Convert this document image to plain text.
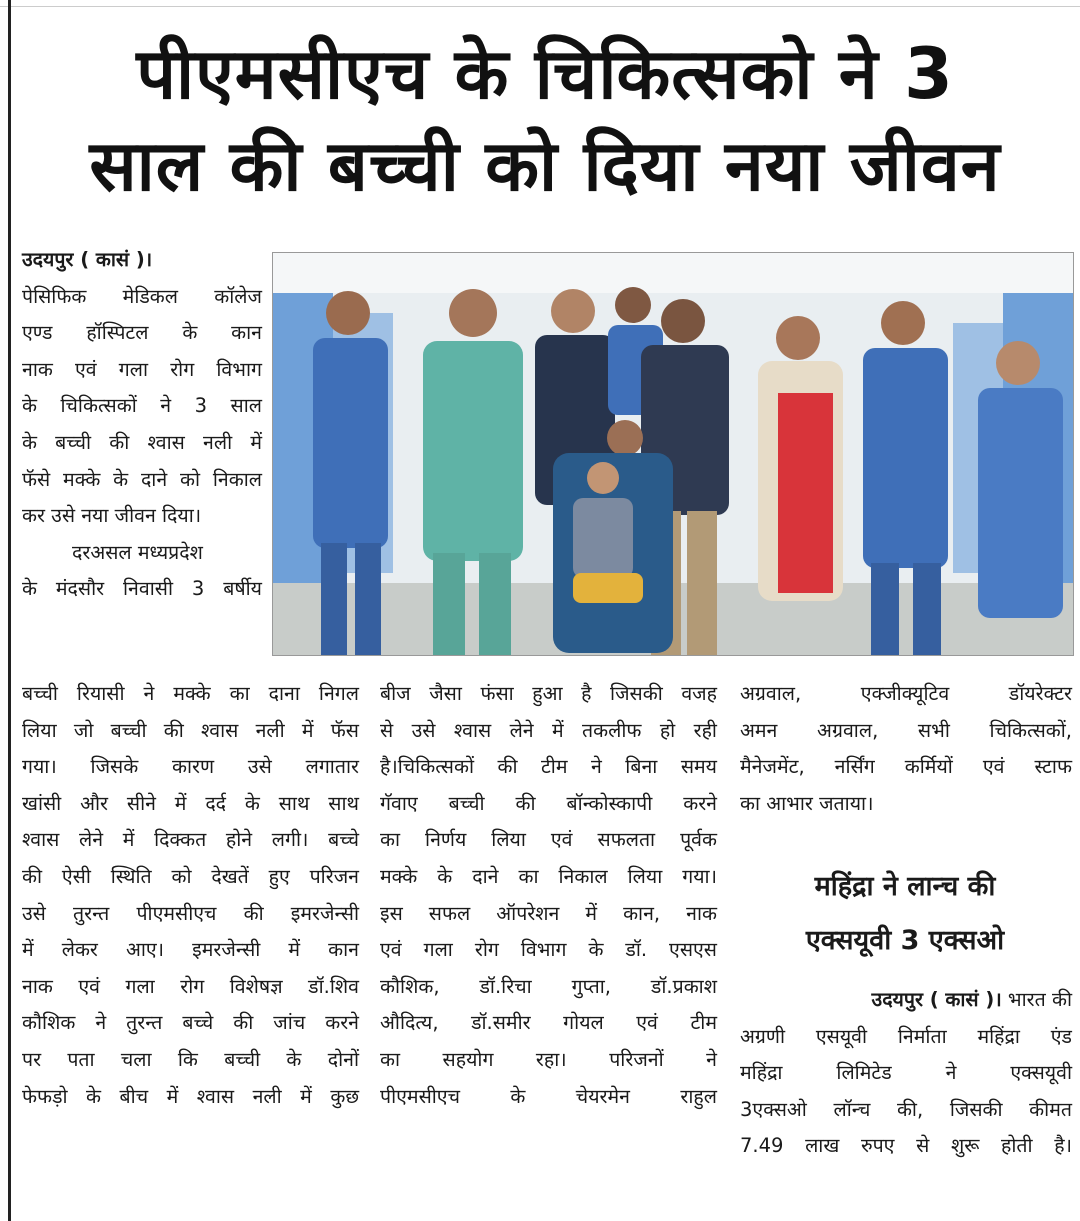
पीएमसीएच के चिकित्सको ने 3
साल की बच्ची को दिया नया जीवन

उदयपुर ( कासं )।

पेसिफिक मेडिकल कॉलेज

एण्ड हॉस्पिटल के कान

नाक एवं गला रोग विभाग

के चिकित्सकों ने 3 साल

के बच्ची की श्वास नली में

फॅसे मक्के के दाने को निकाल

कर उसे नया जीवन दिया।

दरअसल मध्यप्रदेश

के मंदसौर निवासी 3 बर्षीय

बच्ची रियासी ने मक्के का दाना निगल

लिया जो बच्ची की श्वास नली में फॅस

गया। जिसके कारण उसे लगातार

खांसी और सीने में दर्द के साथ साथ

श्वास लेने में दिक्कत होने लगी। बच्चे

की ऐसी स्थिति को देखतें हुए परिजन

उसे तुरन्त पीएमसीएच की इमरजेन्सी

में लेकर आए। इमरजेन्सी में कान

नाक एवं गला रोग विशेषज्ञ डॉ.शिव

कौशिक ने तुरन्त बच्चे की जांच करने

पर पता चला कि बच्ची के दोनों

फेफड़ो के बीच में श्वास नली में कुछ

बीज जैसा फंसा हुआ है जिसकी वजह

से उसे श्वास लेने में तकलीफ हो रही

है।चिकित्सकों की टीम ने बिना समय

गॅवाए बच्ची की बॉन्कोस्कापी करने

का निर्णय लिया एवं सफलता पूर्वक

मक्के के दाने का निकाल लिया गया।

इस सफल ऑपरेशन में कान, नाक

एवं गला रोग विभाग के डॉ. एसएस

कौशिक, डॉ.रिचा गुप्ता, डॉ.प्रकाश

औदित्य, डॉ.समीर गोयल एवं टीम

का सहयोग रहा। परिजनों ने

पीएमसीएच के चेयरमेन राहुल

अग्रवाल, एक्जीक्यूटिव डॉयरेक्टर

अमन अग्रवाल, सभी चिकित्सकों,

मैनेजमेंट, नर्सिंग कर्मियों एवं स्टाफ

का आभार जताया।

महिंद्रा ने लान्च की
एक्सयूवी 3 एक्सओ

उदयपुर ( कासं )। भारत की

अग्रणी एसयूवी निर्माता महिंद्रा एंड

महिंद्रा लिमिटेड ने एक्सयूवी

3एक्सओ लॉन्च की, जिसकी कीमत

7.49 लाख रुपए से शुरू होती है।
